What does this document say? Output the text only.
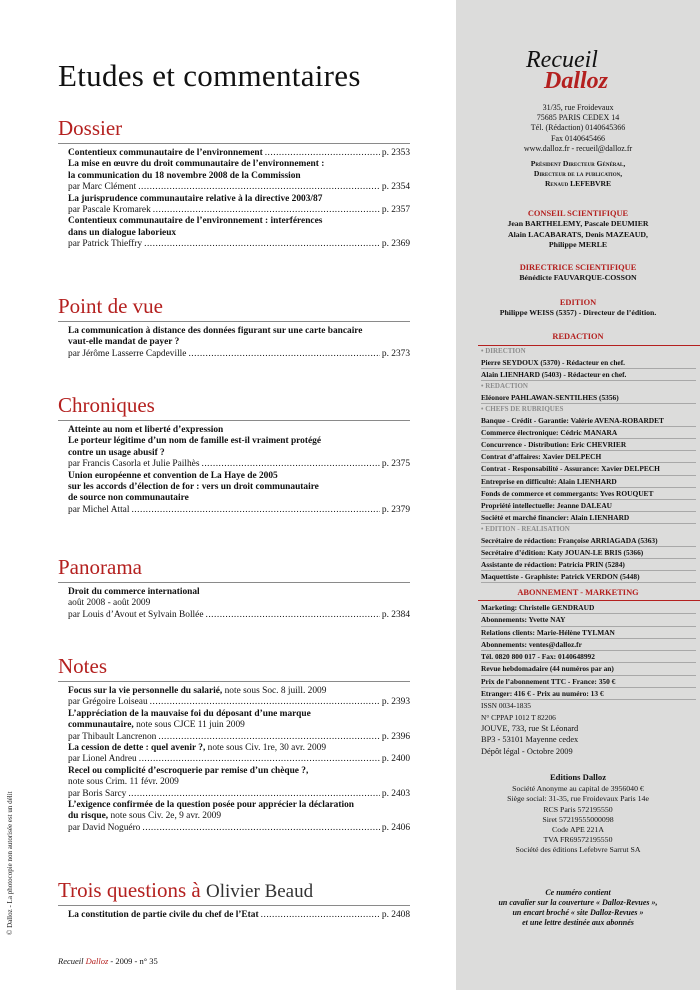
Etudes et commentaires
Dossier
Contentieux communautaire de l’environnement .....	p. 2353
La mise en œuvre du droit communautaire de l’environnement :
la communication du 18 novembre 2008 de la Commission
par Marc Clément .....	p. 2354
La jurisprudence communautaire relative à la directive 2003/87
par Pascale Kromarek .....	p. 2357
Contentieux communautaire de l’environnement : interférences
dans un dialogue laborieux
par Patrick Thieffry .....	p. 2369
Point de vue
La communication à distance des données figurant sur une carte bancaire
vaut-elle mandat de payer ?
par Jérôme Lasserre Capdeville .....	p. 2373
Chroniques
Atteinte au nom et liberté d’expression
Le porteur légitime d’un nom de famille est-il vraiment protégé
contre un usage abusif ?
par Francis Casorla et Julie Pailhès .....	p. 2375
Union européenne et convention de La Haye de 2005
sur les accords d’élection de for : vers un droit communautaire
de source non communautaire
par Michel Attal .....	p. 2379
Panorama
Droit du commerce international
août 2008 - août 2009
par Louis d’Avout et Sylvain Bollée .....	p. 2384
Notes
Focus sur la vie personnelle du salarié, note sous Soc. 8 juill. 2009
par Grégoire Loiseau .....	p. 2393
L’appréciation de la mauvaise foi du déposant d’une marque
communautaire, note sous CJCE 11 juin 2009
par Thibault Lancrenon .....	p. 2396
La cession de dette : quel avenir ?, note sous Civ. 1re, 30 avr. 2009
par Lionel Andreu .....	p. 2400
Recel ou complicité d’escroquerie par remise d’un chèque ?,
note sous Crim. 11 févr. 2009
par Boris Sarcy .....	p. 2403
L’exigence confirmée de la question posée pour apprécier la déclaration
du risque, note sous Civ. 2e, 9 avr. 2009
par David Noguéro .....	p. 2406
Trois questions à Olivier Beaud
La constitution de partie civile du chef de l’Etat .....	p. 2408
Recueil Dalloz - 2009 - n° 35
© Dalloz - La photocopie non autorisée est un délit
Recueil
Dalloz
31/35, rue Froidevaux
75685 PARIS CEDEX 14
Tél. (Rédaction) 0140645366
Fax 0140645466
www.dalloz.fr - recueil@dalloz.fr
Président Directeur Général,
Directeur de la publication,
Renaud LEFEBVRE
CONSEIL SCIENTIFIQUE
Jean BARTHELEMY, Pascale DEUMIER
Alain LACABARATS, Denis MAZEAUD,
Philippe MERLE
DIRECTRICE SCIENTIFIQUE
Bénédicte FAUVARQUE-COSSON
EDITION
Philippe WEISS (5357) - Directeur de l’édition.
REDACTION
• DIRECTION
Pierre SEYDOUX (5370) - Rédacteur en chef.
Alain LIENHARD (5403) - Rédacteur en chef.
• REDACTION
Eléonore PAHLAWAN-SENTILHES (5356)
• CHEFS DE RUBRIQUES
Banque - Crédit - Garantie: Valérie AVENA-ROBARDET
Commerce électronique: Cédric MANARA
Concurrence - Distribution: Eric CHEVRIER
Contrat d’affaires: Xavier DELPECH
Contrat - Responsabilité - Assurance: Xavier DELPECH
Entreprise en difficulté: Alain LIENHARD
Fonds de commerce et commergants: Yves ROUQUET
Propriété intellectuelle: Jeanne DALEAU
Société et marché financier: Alain LIENHARD
• EDITION - REALISATION
Secrétaire de rédaction: Françoise ARRIAGADA (5363)
Secrétaire d’édition: Katy JOUAN-LE BRIS (5366)
Assistante de rédaction: Patricia PRIN (5284)
Maquettiste - Graphiste: Patrick VERDON (5448)
ABONNEMENT - MARKETING
Marketing: Christelle GENDRAUD
Abonnements: Yvette NAY
Relations clients: Marie-Hélène TYLMAN
Abonnements: ventes@dalloz.fr
Tél. 0820 800 017 - Fax: 0140648992
Revue hebdomadaire (44 numéros par an)
Prix de l’abonnement TTC - France: 350 €
Etranger: 416 € - Prix au numéro: 13 €
ISSN 0034-1835
N° CPPAP 1012 T 82206
JOUVE, 733, rue St Léonard
BP3 - 53101 Mayenne cedex
Dépôt légal - Octobre 2009
Editions Dalloz
Société Anonyme au capital de 3956040 €
Siège social: 31-35, rue Froidevaux Paris 14e
RCS Paris 572195550
Siret 57219555000098
Code APE 221A
TVA FR69572195550
Société des éditions Lefebvre Sarrut SA
Ce numéro contient
un cavalier sur la couverture « Dalloz-Revues »,
un encart broché « site Dalloz-Revues »
et une lettre destinée aux abonnés
